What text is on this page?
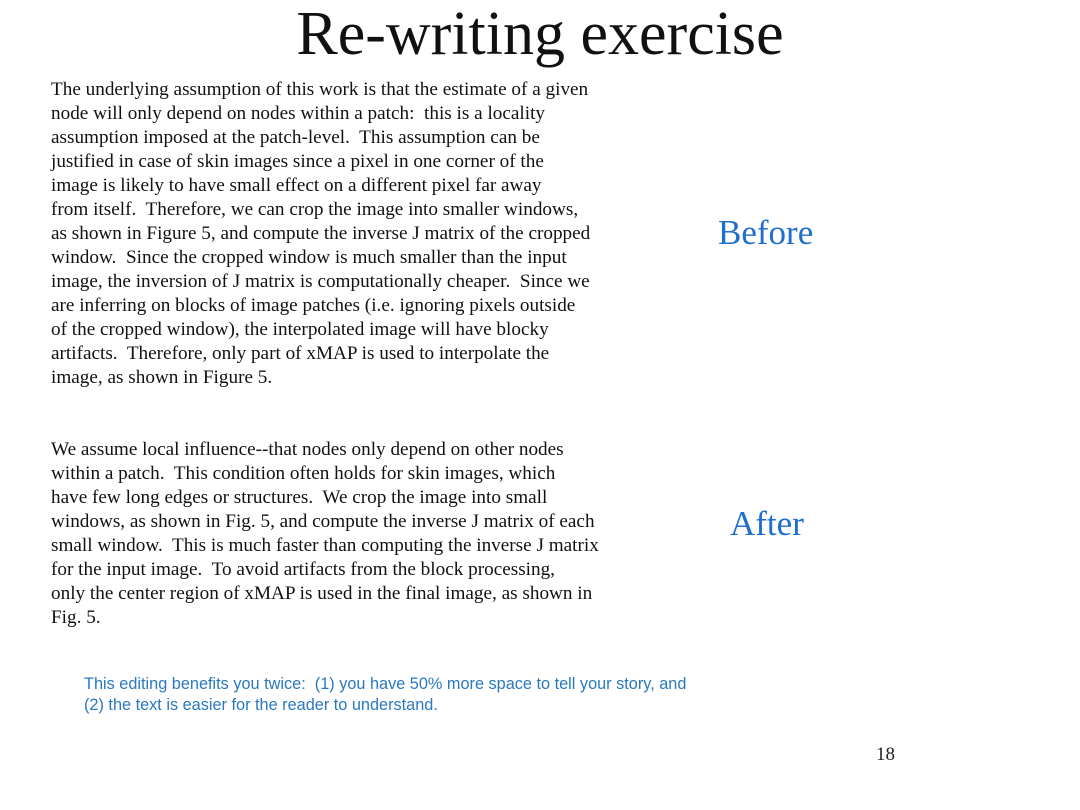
Re-writing exercise
The underlying assumption of this work is that the estimate of a given
node will only depend on nodes within a patch:  this is a locality
assumption imposed at the patch-level.  This assumption can be
justified in case of skin images since a pixel in one corner of the
image is likely to have small effect on a different pixel far away
from itself.  Therefore, we can crop the image into smaller windows,
as shown in Figure 5, and compute the inverse J matrix of the cropped
window.  Since the cropped window is much smaller than the input
image, the inversion of J matrix is computationally cheaper.  Since we
are inferring on blocks of image patches (i.e. ignoring pixels outside
of the cropped window), the interpolated image will have blocky
artifacts.  Therefore, only part of xMAP is used to interpolate the
image, as shown in Figure 5.
Before
We assume local influence--that nodes only depend on other nodes
within a patch.  This condition often holds for skin images, which
have few long edges or structures.  We crop the image into small
windows, as shown in Fig. 5, and compute the inverse J matrix of each
small window.  This is much faster than computing the inverse J matrix
for the input image.  To avoid artifacts from the block processing,
only the center region of xMAP is used in the final image, as shown in
Fig. 5.
After
This editing benefits you twice:  (1) you have 50% more space to tell your story, and
(2) the text is easier for the reader to understand.
18
